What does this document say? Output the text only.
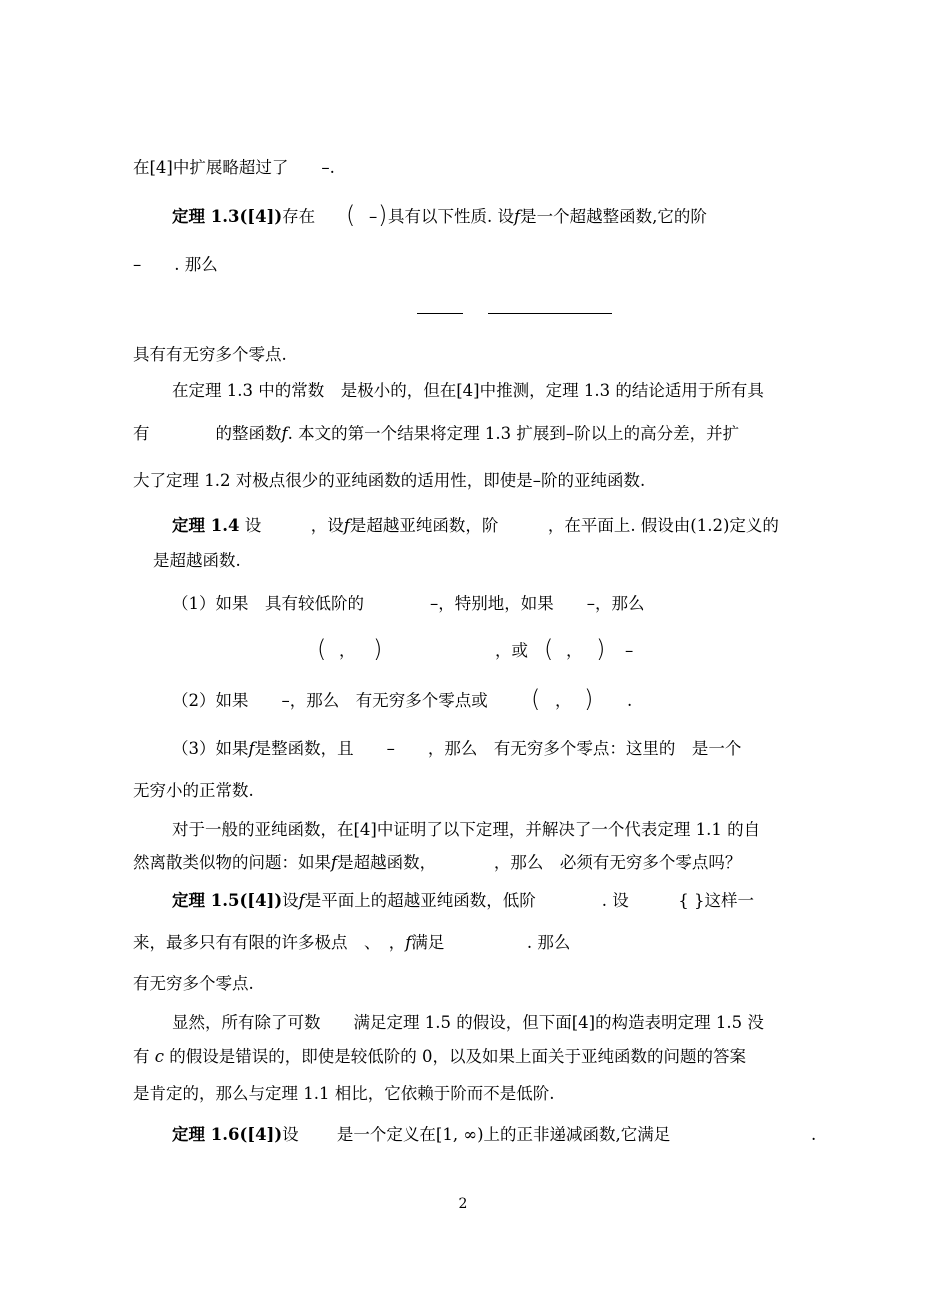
在[4]中扩展略超过了　　–.
定理 1.3([4])存在 ( – ) 具有以下性质. 设f是一个超越整函数,它的阶
–　　. 那么
具有有无穷多个零点.
在定理 1.3 中的常数　是极小的，但在[4]中推测，定理 1.3 的结论适用于所有具
有　　　　的整函数f. 本文的第一个结果将定理 1.3 扩展到–阶以上的高分差，并扩
大了定理 1.2 对极点很少的亚纯函数的适用性，即使是–阶的亚纯函数.
定理 1.4 设　　　，设f是超越亚纯函数，阶　　　，在平面上. 假设由(1.2)定义的
是超越函数.
（1）如果　具有较低阶的　　　　–，特别地，如果　　–，那么
( ， )	，或 ( ， ) –
（2）如果　　–，那么　有无穷多个零点或 ( ， ) .
（3）如果f是整函数，且　　–　　，那么　有无穷多个零点：这里的　是一个
无穷小的正常数.
对于一般的亚纯函数，在[4]中证明了以下定理，并解决了一个代表定理 1.1 的自
然离散类似物的问题：如果f是超越函数，　　　　，那么　必须有无穷多个零点吗？
定理 1.5([4])设f是平面上的超越亚纯函数，低阶　　　　. 设　　　{ }这样一
来，最多只有有限的许多极点　、　，f满足　　　　　. 那么
有无穷多个零点.
显然，所有除了可数　　满足定理 1.5 的假设，但下面[4]的构造表明定理 1.5 没
有 c 的假设是错误的，即使是较低阶的 0，以及如果上面关于亚纯函数的问题的答案
是肯定的，那么与定理 1.1 相比，它依赖于阶而不是低阶.
定理 1.6([4])设　　 是一个定义在[1, ∞)上的正非递减函数,它满足	.
2
